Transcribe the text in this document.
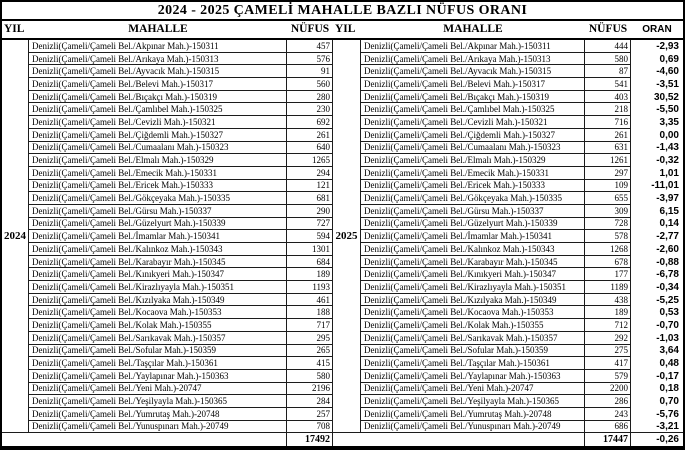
2024 - 2025 ÇAMELİ MAHALLE BAZLI NÜFUS ORANI
YIL	MAHALLE	NÜFUS YIL	MAHALLE	NÜFUS	ORAN
2024	2025
Denizli(Çameli/Çameli Bel./Akpınar Mah.)-150311	457	Denizli(Çameli/Çameli Bel./Akpınar Mah.)-150311	444	-2,93
Denizli(Çameli/Çameli Bel./Arıkaya Mah.)-150313	576	Denizli(Çameli/Çameli Bel./Arıkaya Mah.)-150313	580	0,69
Denizli(Çameli/Çameli Bel./Ayvacık Mah.)-150315	91	Denizli(Çameli/Çameli Bel./Ayvacık Mah.)-150315	87	-4,60
Denizli(Çameli/Çameli Bel./Belevi Mah.)-150317	560	Denizli(Çameli/Çameli Bel./Belevi Mah.)-150317	541	-3,51
Denizli(Çameli/Çameli Bel./Bıçakçı Mah.)-150319	280	Denizli(Çameli/Çameli Bel./Bıçakçı Mah.)-150319	403	30,52
Denizli(Çameli/Çameli Bel./Çamlıbel Mah.)-150325	230	Denizli(Çameli/Çameli Bel./Çamlıbel Mah.)-150325	218	-5,50
Denizli(Çameli/Çameli Bel./Cevizli Mah.)-150321	692	Denizli(Çameli/Çameli Bel./Cevizli Mah.)-150321	716	3,35
Denizli(Çameli/Çameli Bel./Çiğdemli Mah.)-150327	261	Denizli(Çameli/Çameli Bel./Çiğdemli Mah.)-150327	261	0,00
Denizli(Çameli/Çameli Bel./Cumaalanı Mah.)-150323	640	Denizli(Çameli/Çameli Bel./Cumaalanı Mah.)-150323	631	-1,43
Denizli(Çameli/Çameli Bel./Elmalı Mah.)-150329	1265	Denizli(Çameli/Çameli Bel./Elmalı Mah.)-150329	1261	-0,32
Denizli(Çameli/Çameli Bel./Emecik Mah.)-150331	294	Denizli(Çameli/Çameli Bel./Emecik Mah.)-150331	297	1,01
Denizli(Çameli/Çameli Bel./Ericek Mah.)-150333	121	Denizli(Çameli/Çameli Bel./Ericek Mah.)-150333	109	-11,01
Denizli(Çameli/Çameli Bel./Gökçeyaka Mah.)-150335	681	Denizli(Çameli/Çameli Bel./Gökçeyaka Mah.)-150335	655	-3,97
Denizli(Çameli/Çameli Bel./Gürsu Mah.)-150337	290	Denizli(Çameli/Çameli Bel./Gürsu Mah.)-150337	309	6,15
Denizli(Çameli/Çameli Bel./Güzelyurt Mah.)-150339	727	Denizli(Çameli/Çameli Bel./Güzelyurt Mah.)-150339	728	0,14
Denizli(Çameli/Çameli Bel./İmamlar Mah.)-150341	594	Denizli(Çameli/Çameli Bel./İmamlar Mah.)-150341	578	-2,77
Denizli(Çameli/Çameli Bel./Kalınkoz Mah.)-150343	1301	Denizli(Çameli/Çameli Bel./Kalınkoz Mah.)-150343	1268	-2,60
Denizli(Çameli/Çameli Bel./Karabayır Mah.)-150345	684	Denizli(Çameli/Çameli Bel./Karabayır Mah.)-150345	678	-0,88
Denizli(Çameli/Çameli Bel./Kınıkyeri Mah.)-150347	189	Denizli(Çameli/Çameli Bel./Kınıkyeri Mah.)-150347	177	-6,78
Denizli(Çameli/Çameli Bel./Kirazlıyayla Mah.)-150351	1193	Denizli(Çameli/Çameli Bel./Kirazlıyayla Mah.)-150351	1189	-0,34
Denizli(Çameli/Çameli Bel./Kızılyaka Mah.)-150349	461	Denizli(Çameli/Çameli Bel./Kızılyaka Mah.)-150349	438	-5,25
Denizli(Çameli/Çameli Bel./Kocaova Mah.)-150353	188	Denizli(Çameli/Çameli Bel./Kocaova Mah.)-150353	189	0,53
Denizli(Çameli/Çameli Bel./Kolak Mah.)-150355	717	Denizli(Çameli/Çameli Bel./Kolak Mah.)-150355	712	-0,70
Denizli(Çameli/Çameli Bel./Sarıkavak Mah.)-150357	295	Denizli(Çameli/Çameli Bel./Sarıkavak Mah.)-150357	292	-1,03
Denizli(Çameli/Çameli Bel./Sofular Mah.)-150359	265	Denizli(Çameli/Çameli Bel./Sofular Mah.)-150359	275	3,64
Denizli(Çameli/Çameli Bel./Taşçılar Mah.)-150361	415	Denizli(Çameli/Çameli Bel./Taşçılar Mah.)-150361	417	0,48
Denizli(Çameli/Çameli Bel./Yaylapınar Mah.)-150363	580	Denizli(Çameli/Çameli Bel./Yaylapınar Mah.)-150363	579	-0,17
Denizli(Çameli/Çameli Bel./Yeni Mah.)-20747	2196	Denizli(Çameli/Çameli Bel./Yeni Mah.)-20747	2200	0,18
Denizli(Çameli/Çameli Bel./Yeşilyayla Mah.)-150365	284	Denizli(Çameli/Çameli Bel./Yeşilyayla Mah.)-150365	286	0,70
Denizli(Çameli/Çameli Bel./Yumrutaş Mah.)-20748	257	Denizli(Çameli/Çameli Bel./Yumrutaş Mah.)-20748	243	-5,76
Denizli(Çameli/Çameli Bel./Yunuspınarı Mah.)-20749	708	Denizli(Çameli/Çameli Bel./Yunuspınarı Mah.)-20749	686	-3,21
17492	17447	-0,26
